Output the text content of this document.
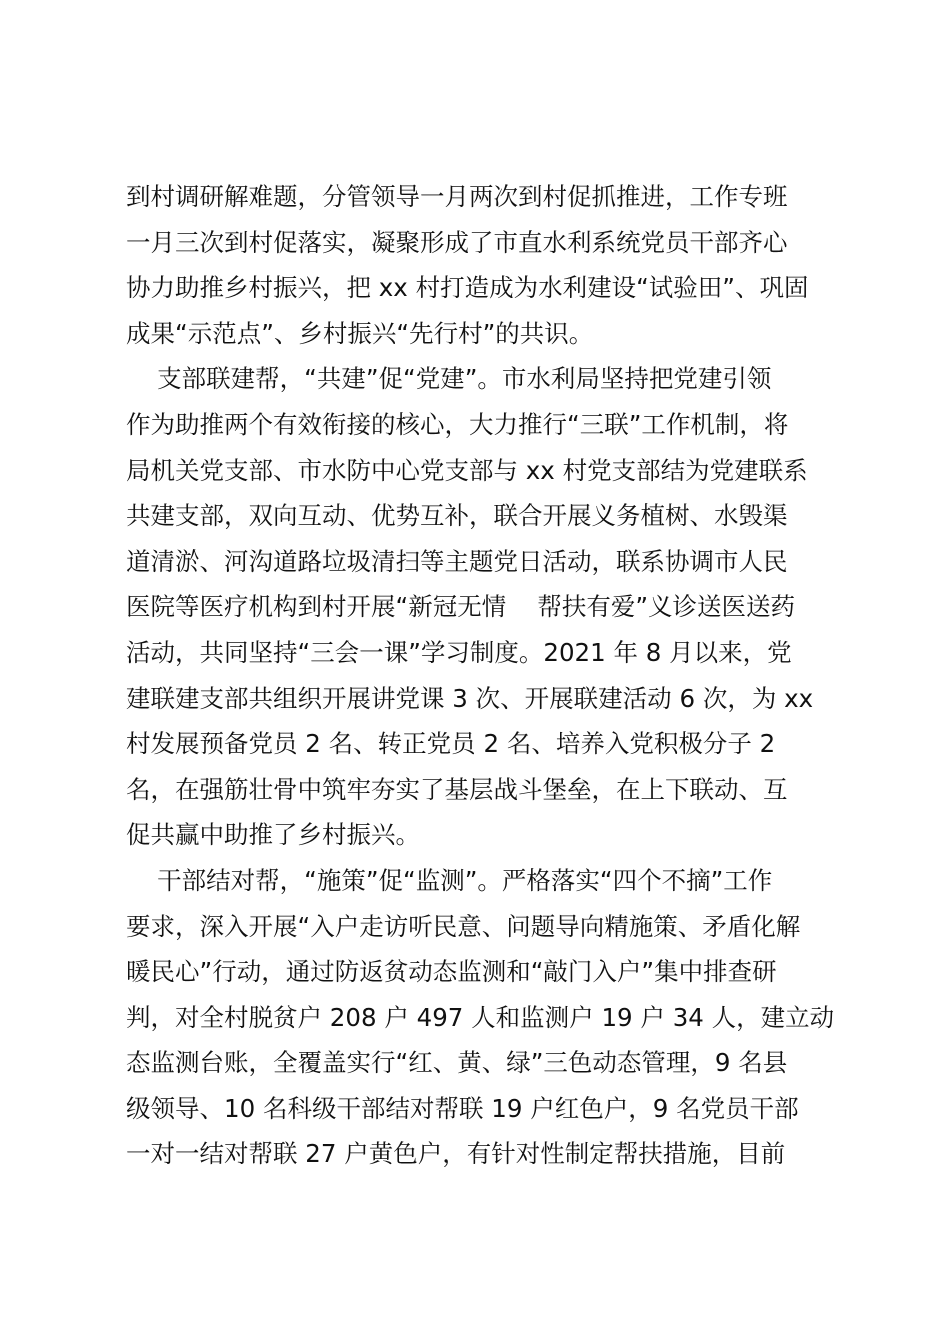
到村调研解难题，分管领导一月两次到村促抓推进，工作专班
一月三次到村促落实，凝聚形成了市直水利系统党员干部齐心
协力助推乡村振兴，把 xx 村打造成为水利建设“试验田”、巩固
成果“示范点”、乡村振兴“先行村”的共识。
支部联建帮，“共建”促“党建”。市水利局坚持把党建引领
作为助推两个有效衔接的核心，大力推行“三联”工作机制，将
局机关党支部、市水防中心党支部与 xx 村党支部结为党建联系
共建支部，双向互动、优势互补，联合开展义务植树、水毁渠
道清淤、河沟道路垃圾清扫等主题党日活动，联系协调市人民
医院等医疗机构到村开展“新冠无情    帮扶有爱”义诊送医送药
活动，共同坚持“三会一课”学习制度。2021 年 8 月以来，党
建联建支部共组织开展讲党课 3 次、开展联建活动 6 次，为 xx
村发展预备党员 2 名、转正党员 2 名、培养入党积极分子 2
名，在强筋壮骨中筑牢夯实了基层战斗堡垒，在上下联动、互
促共赢中助推了乡村振兴。
干部结对帮，“施策”促“监测”。严格落实“四个不摘”工作
要求，深入开展“入户走访听民意、问题导向精施策、矛盾化解
暖民心”行动，通过防返贫动态监测和“敲门入户”集中排查研
判，对全村脱贫户 208 户 497 人和监测户 19 户 34 人，建立动
态监测台账，全覆盖实行“红、黄、绿”三色动态管理，9 名县
级领导、10 名科级干部结对帮联 19 户红色户，9 名党员干部
一对一结对帮联 27 户黄色户，有针对性制定帮扶措施，目前
